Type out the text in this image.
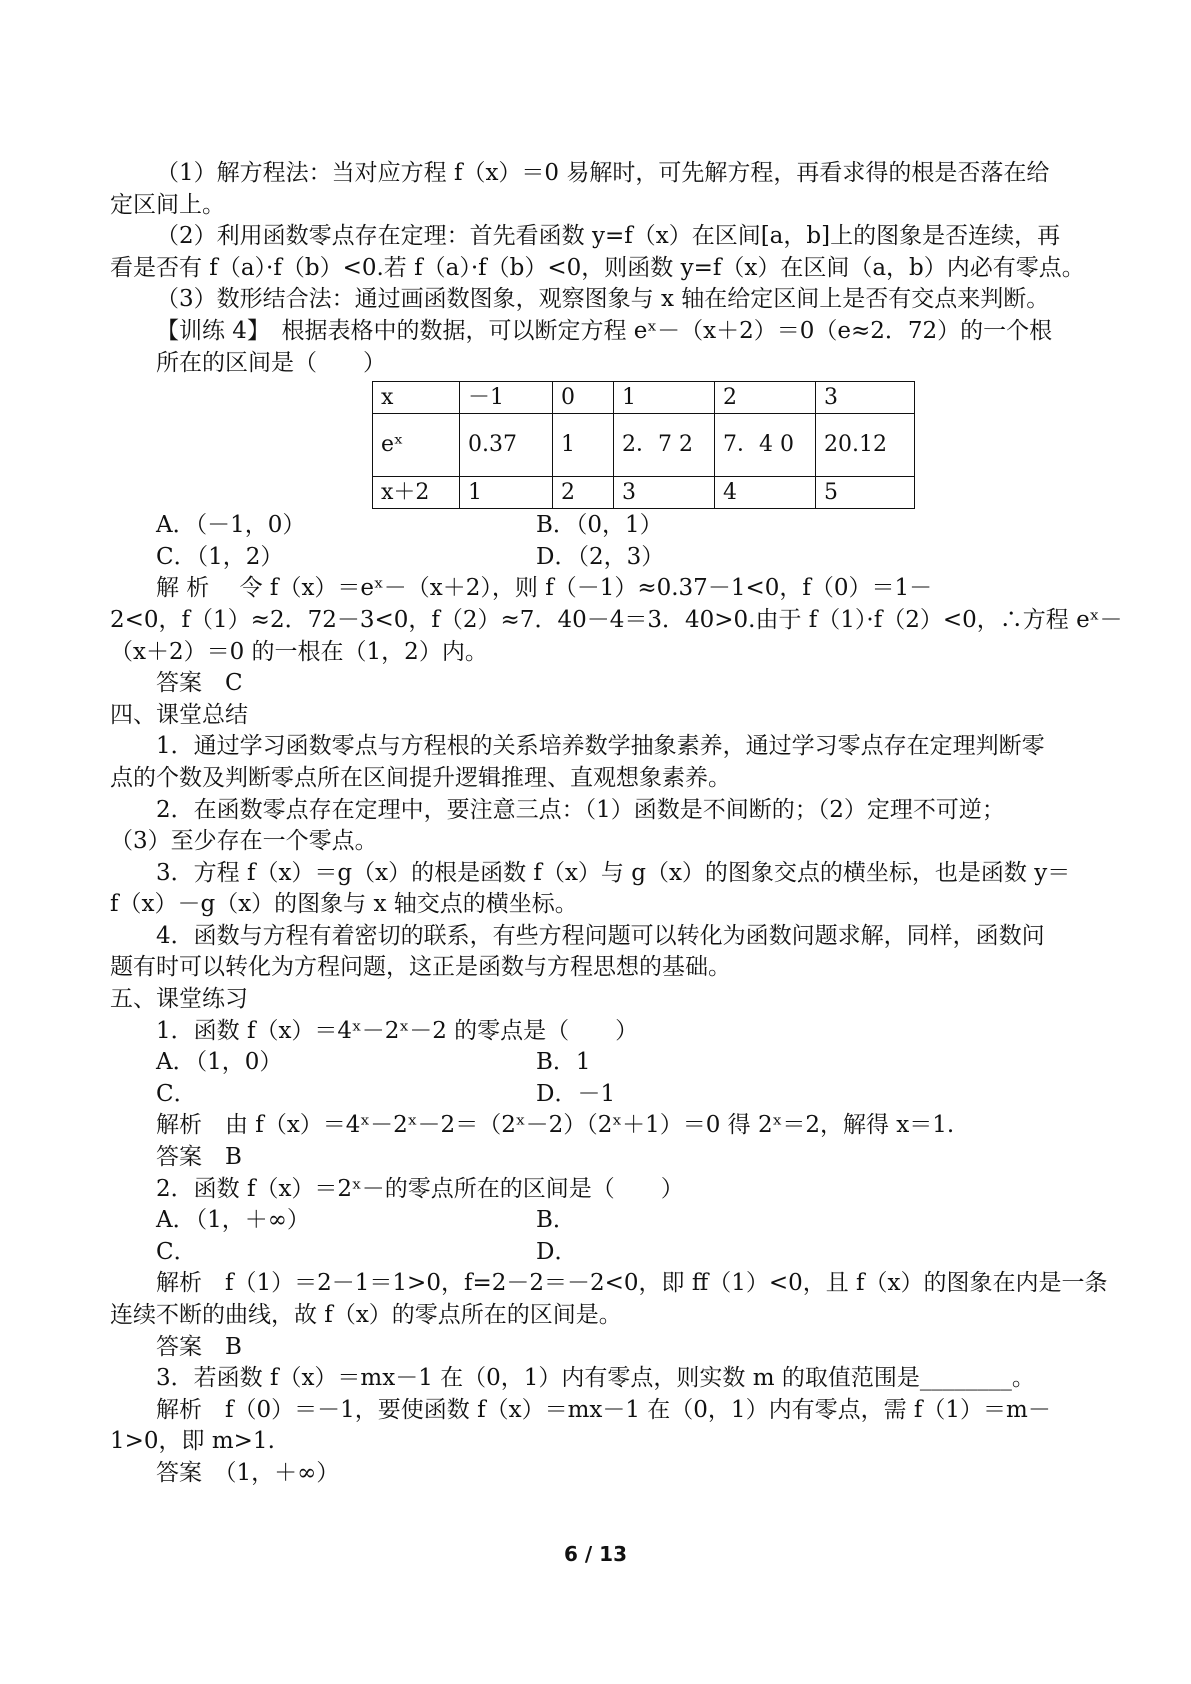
（1）解方程法：当对应方程 f（x）＝0 易解时，可先解方程，再看求得的根是否落在给
定区间上。
（2）利用函数零点存在定理：首先看函数 y=f（x）在区间[a，b]上的图象是否连续，再
看是否有 f（a）·f（b）<0.若 f（a）·f（b）<0，则函数 y=f（x）在区间（a，b）内必有零点。
（3）数形结合法：通过画函数图象，观察图象与 x 轴在给定区间上是否有交点来判断。
【训练 4】　根据表格中的数据，可以断定方程 eˣ－（x＋2）＝0（e≈2．72）的一个根
所在的区间是（　　）
x	－1	0	1	2	3
eˣ	0.37	1	2．7 2	7．4 0	20.12
x＋2	1	2	3	4	5
A．（－1，0）	B．（0，1）
C．（1，2）	D．（2，3）
解 析　 令 f（x）＝eˣ－（x＋2），则 f（－1）≈0.37－1<0，f（0）＝1－
2<0，f（1）≈2．72－3<0，f（2）≈7．40－4＝3．40>0.由于 f（1）·f（2）<0，∴方程 eˣ－
（x＋2）＝0 的一根在（1，2）内。
答案　C
四、课堂总结
1．通过学习函数零点与方程根的关系培养数学抽象素养，通过学习零点存在定理判断零
点的个数及判断零点所在区间提升逻辑推理、直观想象素养。
2．在函数零点存在定理中，要注意三点：（1）函数是不间断的；（2）定理不可逆；
（3）至少存在一个零点。
3．方程 f（x）＝g（x）的根是函数 f（x）与 g（x）的图象交点的横坐标，也是函数 y＝
f（x）－g（x）的图象与 x 轴交点的横坐标。
4．函数与方程有着密切的联系，有些方程问题可以转化为函数问题求解，同样，函数问
题有时可以转化为方程问题，这正是函数与方程思想的基础。
五、课堂练习
1．函数 f（x）＝4ˣ－2ˣ－2 的零点是（　　）
A．（1，0）	B．1
C．	D．－1
解析　由 f（x）＝4ˣ－2ˣ－2＝（2ˣ－2）（2ˣ＋1）＝0 得 2ˣ＝2，解得 x＝1.
答案　B
2．函数 f（x）＝2ˣ－的零点所在的区间是（　　）
A．（1，＋∞）	B．
C．	D．
解析　f（1）＝2－1＝1>0，f=2－2＝－2<0，即 ff（1）<0，且 f（x）的图象在内是一条
连续不断的曲线，故 f（x）的零点所在的区间是。
答案　B
3．若函数 f（x）＝mx－1 在（0，1）内有零点，则实数 m 的取值范围是________。
解析　f（0）＝－1，要使函数 f（x）＝mx－1 在（0，1）内有零点，需 f（1）＝m－
1>0，即 m>1.
答案　（1，＋∞）
6 / 13
